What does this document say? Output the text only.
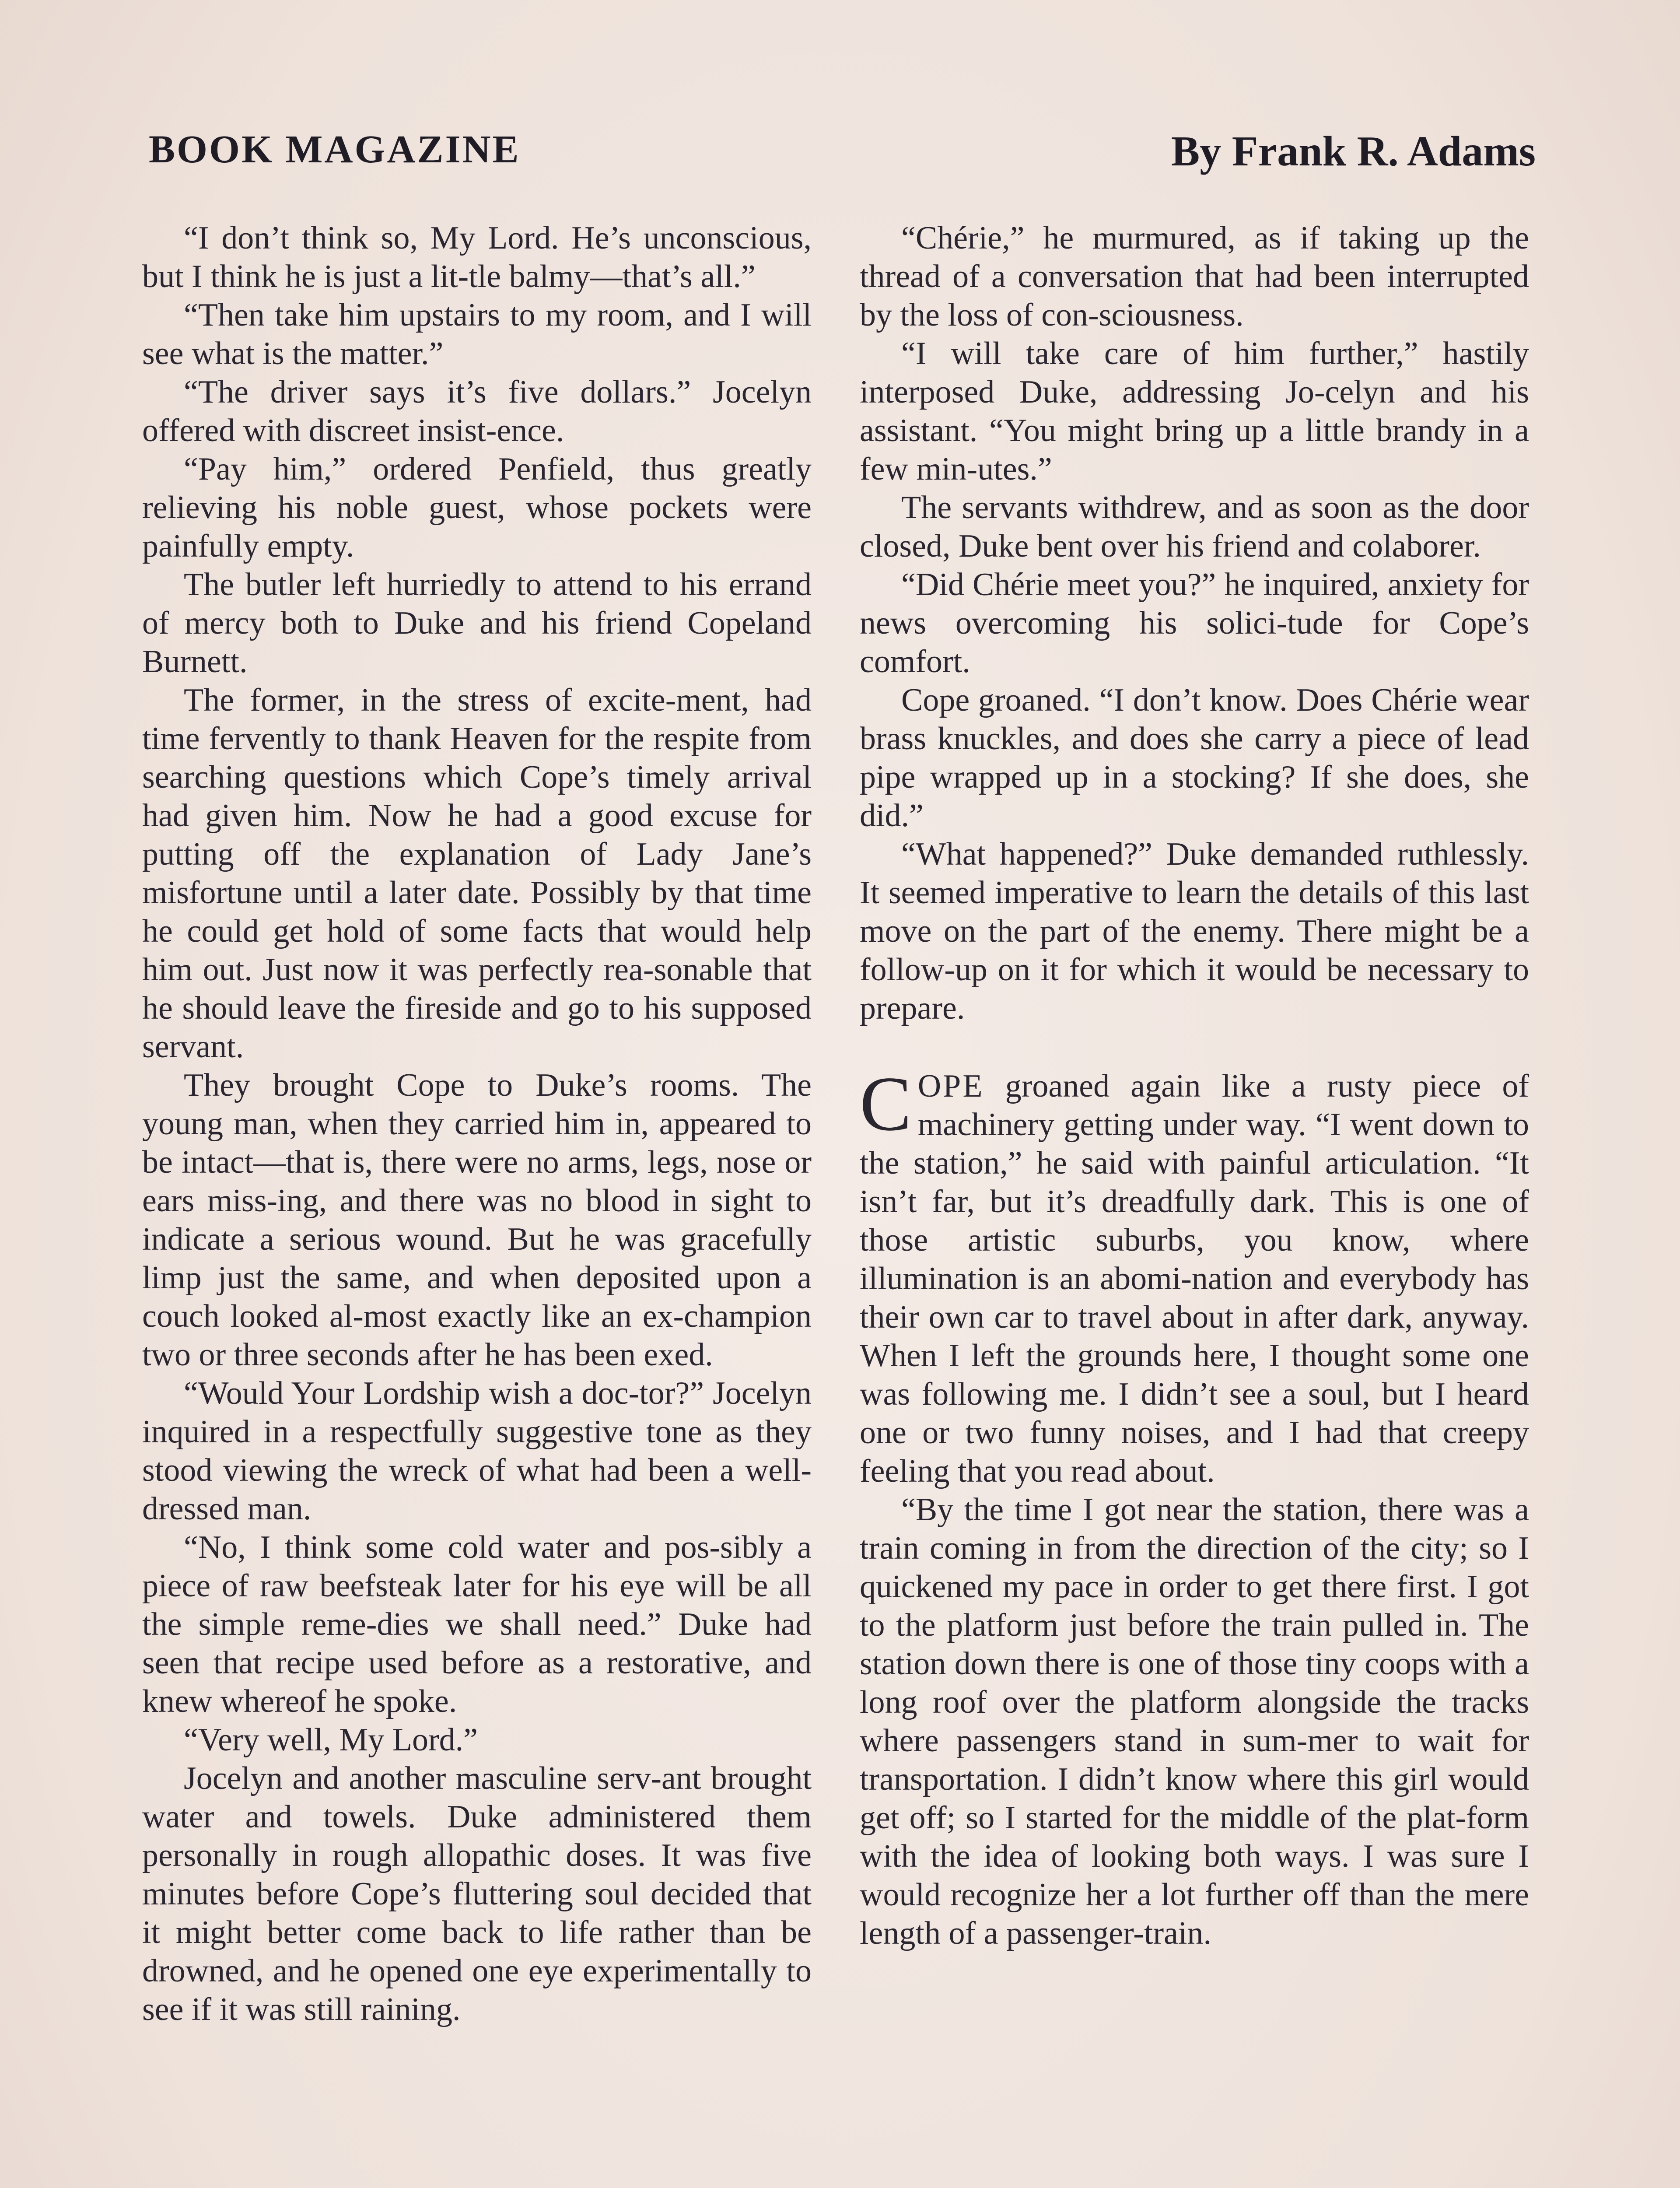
BOOK MAGAZINE	By Frank R. Adams

“I don’t think so, My Lord. He’s unconscious, but I think he is just a lit-tle balmy—that’s all.”

“Then take him upstairs to my room, and I will see what is the matter.”

“The driver says it’s five dollars.” Jocelyn offered with discreet insist-ence.

“Pay him,” ordered Penfield, thus greatly relieving his noble guest, whose pockets were painfully empty.

The butler left hurriedly to attend to his errand of mercy both to Duke and his friend Copeland Burnett.

The former, in the stress of excite-ment, had time fervently to thank Heaven for the respite from searching questions which Cope’s timely arrival had given him. Now he had a good excuse for putting off the explanation of Lady Jane’s misfortune until a later date. Possibly by that time he could get hold of some facts that would help him out. Just now it was perfectly rea-sonable that he should leave the fireside and go to his supposed servant.

They brought Cope to Duke’s rooms. The young man, when they carried him in, appeared to be intact—that is, there were no arms, legs, nose or ears miss-ing, and there was no blood in sight to indicate a serious wound. But he was gracefully limp just the same, and when deposited upon a couch looked al-most exactly like an ex-champion two or three seconds after he has been exed.

“Would Your Lordship wish a doc-tor?” Jocelyn inquired in a respectfully suggestive tone as they stood viewing the wreck of what had been a well-dressed man.

“No, I think some cold water and pos-sibly a piece of raw beefsteak later for his eye will be all the simple reme-dies we shall need.” Duke had seen that recipe used before as a restorative, and knew whereof he spoke.

“Very well, My Lord.”

Jocelyn and another masculine serv-ant brought water and towels. Duke administered them personally in rough allopathic doses. It was five minutes before Cope’s fluttering soul decided that it might better come back to life rather than be drowned, and he opened one eye experimentally to see if it was still raining.

“Chérie,” he murmured, as if taking up the thread of a conversation that had been interrupted by the loss of con-sciousness.

“I will take care of him further,” hastily interposed Duke, addressing Jo-celyn and his assistant. “You might bring up a little brandy in a few min-utes.”

The servants withdrew, and as soon as the door closed, Duke bent over his friend and colaborer.

“Did Chérie meet you?” he inquired, anxiety for news overcoming his solici-tude for Cope’s comfort.

Cope groaned. “I don’t know. Does Chérie wear brass knuckles, and does she carry a piece of lead pipe wrapped up in a stocking? If she does, she did.”

“What happened?” Duke demanded ruthlessly. It seemed imperative to learn the details of this last move on the part of the enemy. There might be a follow-up on it for which it would be necessary to prepare.

COPE groaned again like a rusty piece of machinery getting under way. “I went down to the station,” he said with painful articulation. “It isn’t far, but it’s dreadfully dark. This is one of those artistic suburbs, you know, where illumination is an abomi-nation and everybody has their own car to travel about in after dark, anyway. When I left the grounds here, I thought some one was following me. I didn’t see a soul, but I heard one or two funny noises, and I had that creepy feeling that you read about.

“By the time I got near the station, there was a train coming in from the direction of the city; so I quickened my pace in order to get there first. I got to the platform just before the train pulled in. The station down there is one of those tiny coops with a long roof over the platform alongside the tracks where passengers stand in sum-mer to wait for transportation. I didn’t know where this girl would get off; so I started for the middle of the plat-form with the idea of looking both ways. I was sure I would recognize her a lot further off than the mere length of a passenger-train.
